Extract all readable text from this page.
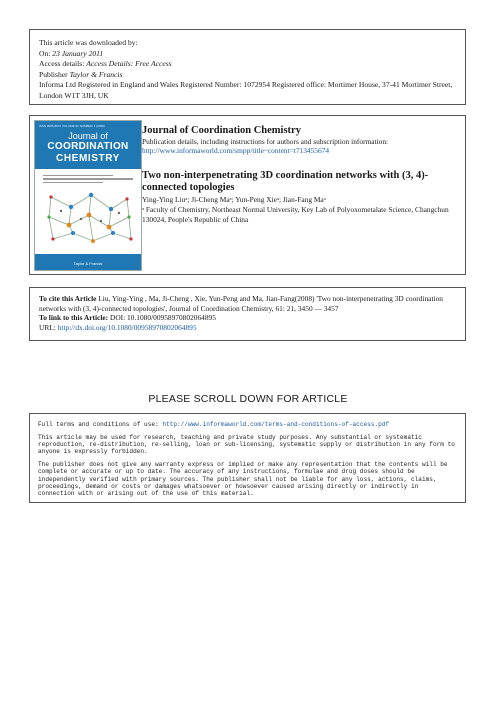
This article was downloaded by:
On: 23 January 2011
Access details: Access Details: Free Access
Publisher Taylor & Francis
Informa Ltd Registered in England and Wales Registered Number: 1072954 Registered office: Mortimer House, 37-41 Mortimer Street, London W1T 3JH, UK
ISSN 0095-8972 VOLUME 61 NUMBER 1 (2008)
Journal of
COORDINATION
CHEMISTRY
Taylor & Francis
Journal of Coordination Chemistry
Publication details, including instructions for authors and subscription information:
http://www.informaworld.com/smpp/title~content=t713455674
Two non-interpenetrating 3D coordination networks with (3, 4)-connected topologies
Ying-Ying Liuᵃ; Ji-Cheng Maᵃ; Yun-Peng Xieᵃ; Jian-Fang Maᵃ
ᵃ Faculty of Chemistry, Northeast Normal University, Key Lab of Polyoxometalate Science, Changchun 130024, People's Republic of China
To cite this Article Liu, Ying-Ying , Ma, Ji-Cheng , Xie, Yun-Peng and Ma, Jian-Fang(2008) 'Two non-interpenetrating 3D coordination networks with (3, 4)-connected topologies', Journal of Coordination Chemistry, 61: 21, 3450 — 3457
To link to this Article: DOI: 10.1080/00958970802064895
URL: http://dx.doi.org/10.1080/00958970802064895
PLEASE SCROLL DOWN FOR ARTICLE

Full terms and conditions of use: http://www.informaworld.com/terms-and-conditions-of-access.pdf

This article may be used for research, teaching and private study purposes. Any substantial or systematic reproduction, re-distribution, re-selling, loan or sub-licensing, systematic supply or distribution in any form to anyone is expressly forbidden.

The publisher does not give any warranty express or implied or make any representation that the contents will be complete or accurate or up to date. The accuracy of any instructions, formulae and drug doses should be independently verified with primary sources. The publisher shall not be liable for any loss, actions, claims, proceedings, demand or costs or damages whatsoever or howsoever caused arising directly or indirectly in connection with or arising out of the use of this material.
